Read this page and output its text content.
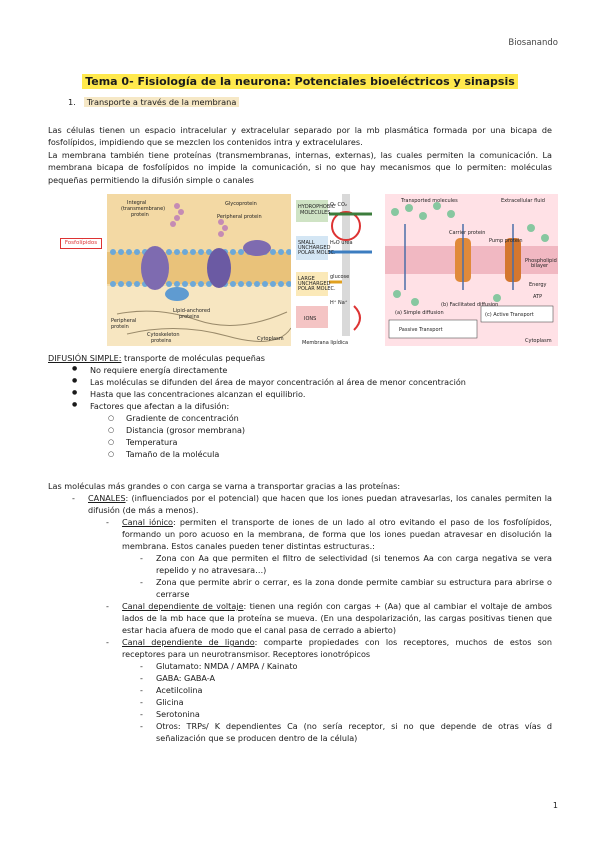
Biosanando
Tema 0- Fisiología de la neurona: Potenciales bioeléctricos y sinapsis
1. Transporte a través de la membrana

Las células tienen un espacio intracelular y extracelular separado por la mb plasmática formada por una bicapa de fosfolípidos, impidiendo que se mezclen los contenidos intra y extracelulares.

La membrana también tiene proteínas (transmembranas, internas, externas), las cuales permiten la comunicación. La membrana bicapa de fosfolípidos no impide la comunicación, si no que hay mecanismos que lo permiten: moléculas pequeñas permitiendo la difusión simple o canales

Integral
(transmembrane)
protein
Glycoprotein
Peripheral protein
Lipid-anchored
proteins
Peripheral
protein
Cytoskeleton
proteins	Cytoplasm
Fosfolípidos
HYDROPHOBIC
MOLECULES
SMALL
UNCHARGED
POLAR MOLEC.
LARGE
UNCHARGED
POLAR MOLEC.
IONS
O₂ CO₂
H₂O urea
glucose
H⁺ Na⁺
Membrana lipídica
Transported molecules	Extracellular fluid
Carrier protein
Pump protein
Phospholipid
bilayer
Energy
ATP
(a) Simple diffusion
(b) Facilitated diffusion
(c) Active Transport
Passive Transport
Cytoplasm
DIFUSIÓN SIMPLE: transporte de moléculas pequeñas
● No requiere energía directamente
● Las moléculas se difunden del área de mayor concentración al área de menor concentración
● Hasta que las concentraciones alcanzan el equilibrio.
● Factores que afectan a la difusión:
○ Gradiente de concentración
○ Distancia (grosor membrana)
○ Temperatura
○ Tamaño de la molécula
Las moléculas más grandes o con carga se varna a transportar gracias a las proteínas:
- CANALES: (influenciados por el potencial) que hacen que los iones puedan atravesarlas, los canales permiten la difusión (de más a menos).
- Canal iónico: permiten el transporte de iones de un lado al otro evitando el paso de los fosfolípidos, formando un poro acuoso en la membrana, de forma que los iones puedan atravesar en disolución la membrana. Estos canales pueden tener distintas estructuras.:
- Zona con Aa que permiten el filtro de selectividad (si tenemos Aa con carga negativa se vera repelido y no atravesara…)
- Zona que permite abrir o cerrar, es la zona donde permite cambiar su estructura para abrirse o cerrarse
- Canal dependiente de voltaje: tienen una región con cargas + (Aa) que al cambiar el voltaje de ambos lados de la mb hace que la proteína se mueva. (En una despolarización, las cargas positivas tienen que estar hacia afuera de modo que el canal pasa de cerrado a abierto)
- Canal dependiente de ligando: comparte propiedades con los receptores, muchos de estos son receptores para un neurotransmisor. Receptores ionotrópicos
- Glutamato: NMDA / AMPA / Kainato
- GABA: GABA-A
- Acetilcolina
- Glicina
- Serotonina
- Otros: TRPs/ K dependientes Ca (no sería receptor, si no que depende de otras vías d señalización que se producen dentro de la célula)
1
